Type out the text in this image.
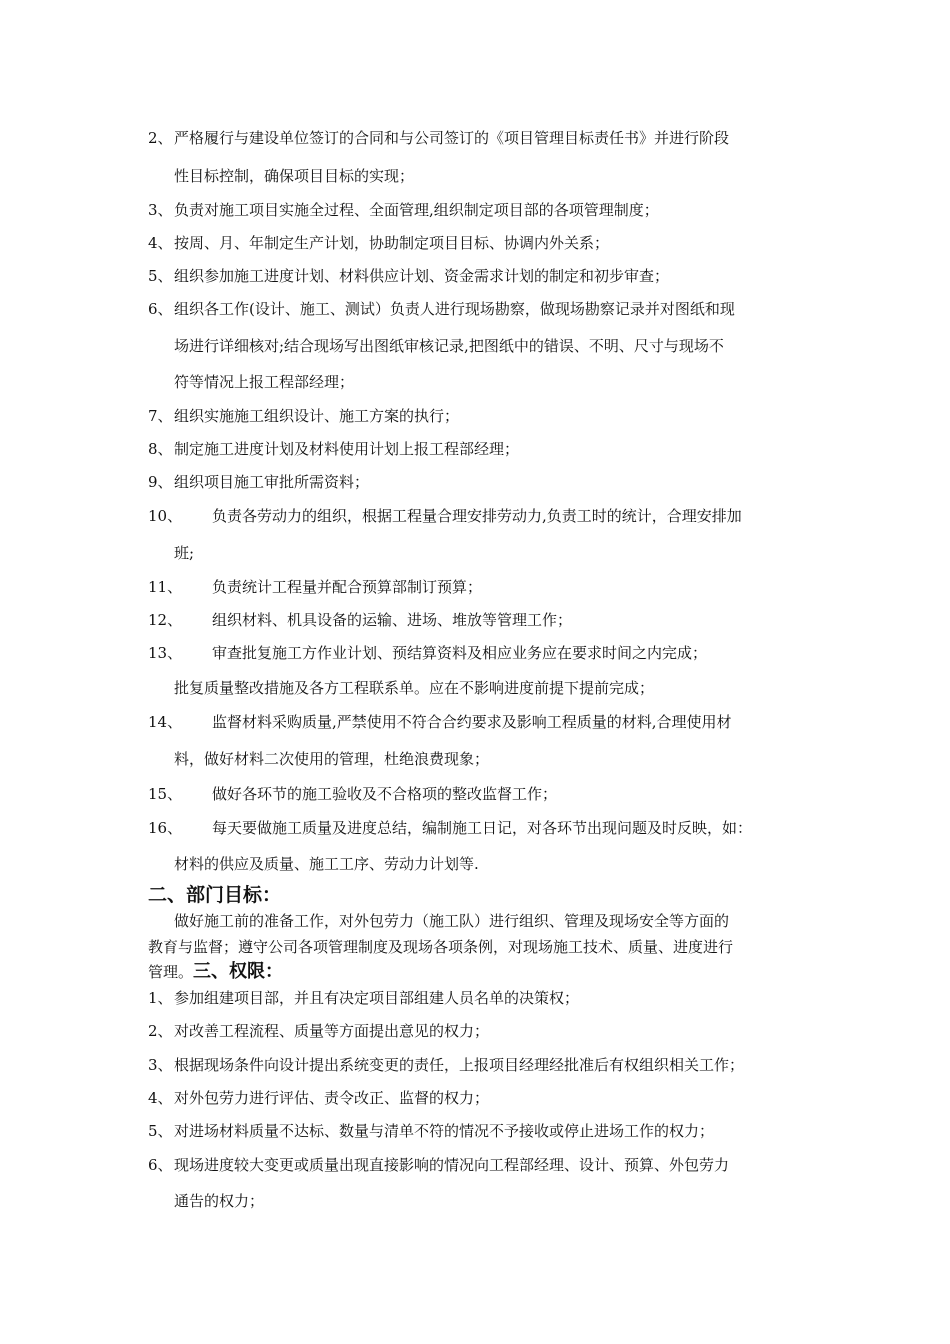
2、 严格履行与建设单位签订的合同和与公司签订的《项目管理目标责任书》并进行阶段
性目标控制，确保项目目标的实现；
3、 负责对施工项目实施全过程、全面管理,组织制定项目部的各项管理制度；
4、 按周、月、年制定生产计划，协助制定项目目标、协调内外关系；
5、 组织参加施工进度计划、材料供应计划、资金需求计划的制定和初步审查；
6、 组织各工作(设计、施工、测试）负责人进行现场勘察，做现场勘察记录并对图纸和现
场进行详细核对;结合现场写出图纸审核记录,把图纸中的错误、不明、尺寸与现场不
符等情况上报工程部经理；
7、 组织实施施工组织设计、施工方案的执行；
8、 制定施工进度计划及材料使用计划上报工程部经理；
9、 组织项目施工审批所需资料；
10、 负责各劳动力的组织，根据工程量合理安排劳动力,负责工时的统计，合理安排加
班;
11、 负责统计工程量并配合预算部制订预算；
12、 组织材料、机具设备的运输、进场、堆放等管理工作；
13、 审查批复施工方作业计划、预结算资料及相应业务应在要求时间之内完成；
批复质量整改措施及各方工程联系单。应在不影响进度前提下提前完成；
14、 监督材料采购质量,严禁使用不符合合约要求及影响工程质量的材料,合理使用材
料，做好材料二次使用的管理，杜绝浪费现象；
15、 做好各环节的施工验收及不合格项的整改监督工作；
16、 每天要做施工质量及进度总结，编制施工日记，对各环节出现问题及时反映，如：
材料的供应及质量、施工工序、劳动力计划等.
二、部门目标：
做好施工前的准备工作，对外包劳力（施工队）进行组织、管理及现场安全等方面的
教育与监督；遵守公司各项管理制度及现场各项条例，对现场施工技术、质量、进度进行
管理。三、权限：
1、 参加组建项目部，并且有决定项目部组建人员名单的决策权；
2、 对改善工程流程、质量等方面提出意见的权力；
3、 根据现场条件向设计提出系统变更的责任，上报项目经理经批准后有权组织相关工作；
4、 对外包劳力进行评估、责令改正、监督的权力；
5、 对进场材料质量不达标、数量与清单不符的情况不予接收或停止进场工作的权力；
6、 现场进度较大变更或质量出现直接影响的情况向工程部经理、设计、预算、外包劳力
通告的权力；
